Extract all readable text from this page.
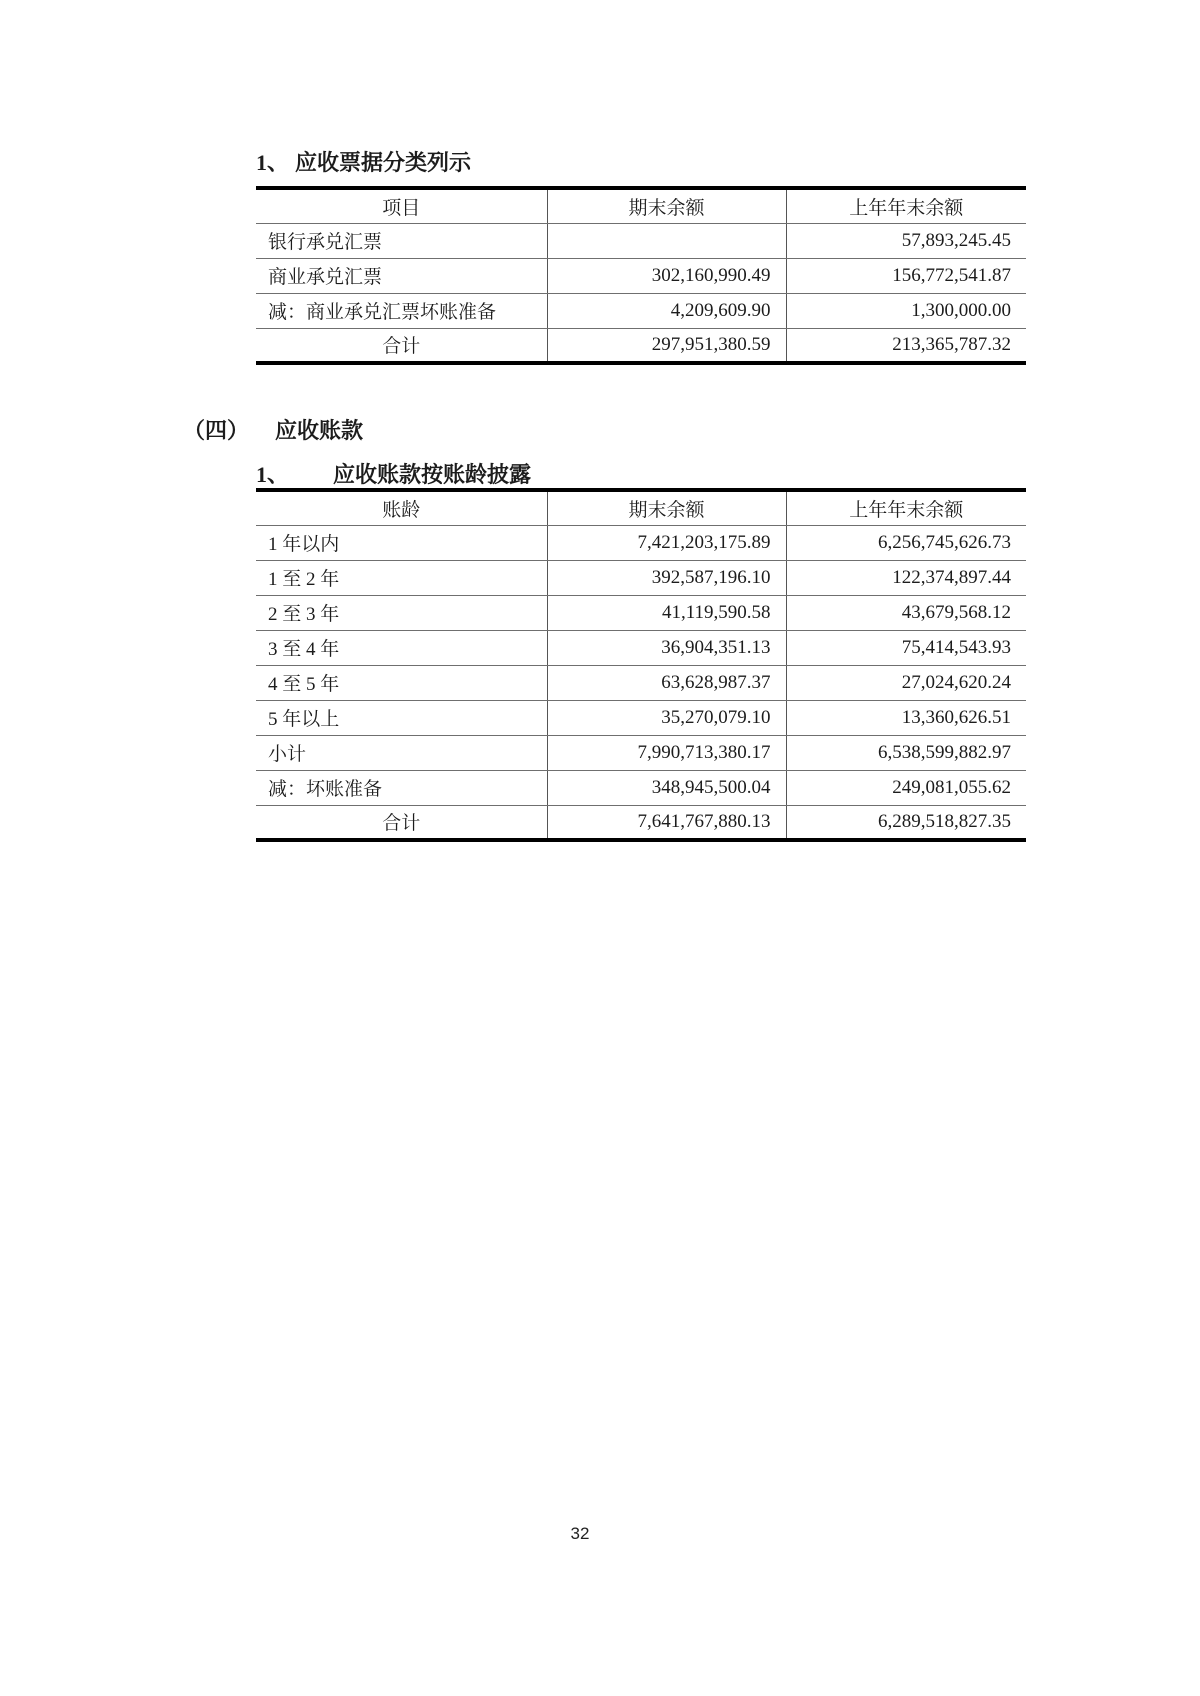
1、 应收票据分类列示
项目	期末余额	上年年末余额
银行承兑汇票		57,893,245.45
商业承兑汇票	302,160,990.49	156,772,541.87
减：商业承兑汇票坏账准备	4,209,609.90	1,300,000.00
合计	297,951,380.59	213,365,787.32
（四） 应收账款
1、 应收账款按账龄披露
账龄	期末余额	上年年末余额
1 年以内	7,421,203,175.89	6,256,745,626.73
1 至 2 年	392,587,196.10	122,374,897.44
2 至 3 年	41,119,590.58	43,679,568.12
3 至 4 年	36,904,351.13	75,414,543.93
4 至 5 年	63,628,987.37	27,024,620.24
5 年以上	35,270,079.10	13,360,626.51
小计	7,990,713,380.17	6,538,599,882.97
减：坏账准备	348,945,500.04	249,081,055.62
合计	7,641,767,880.13	6,289,518,827.35
32
